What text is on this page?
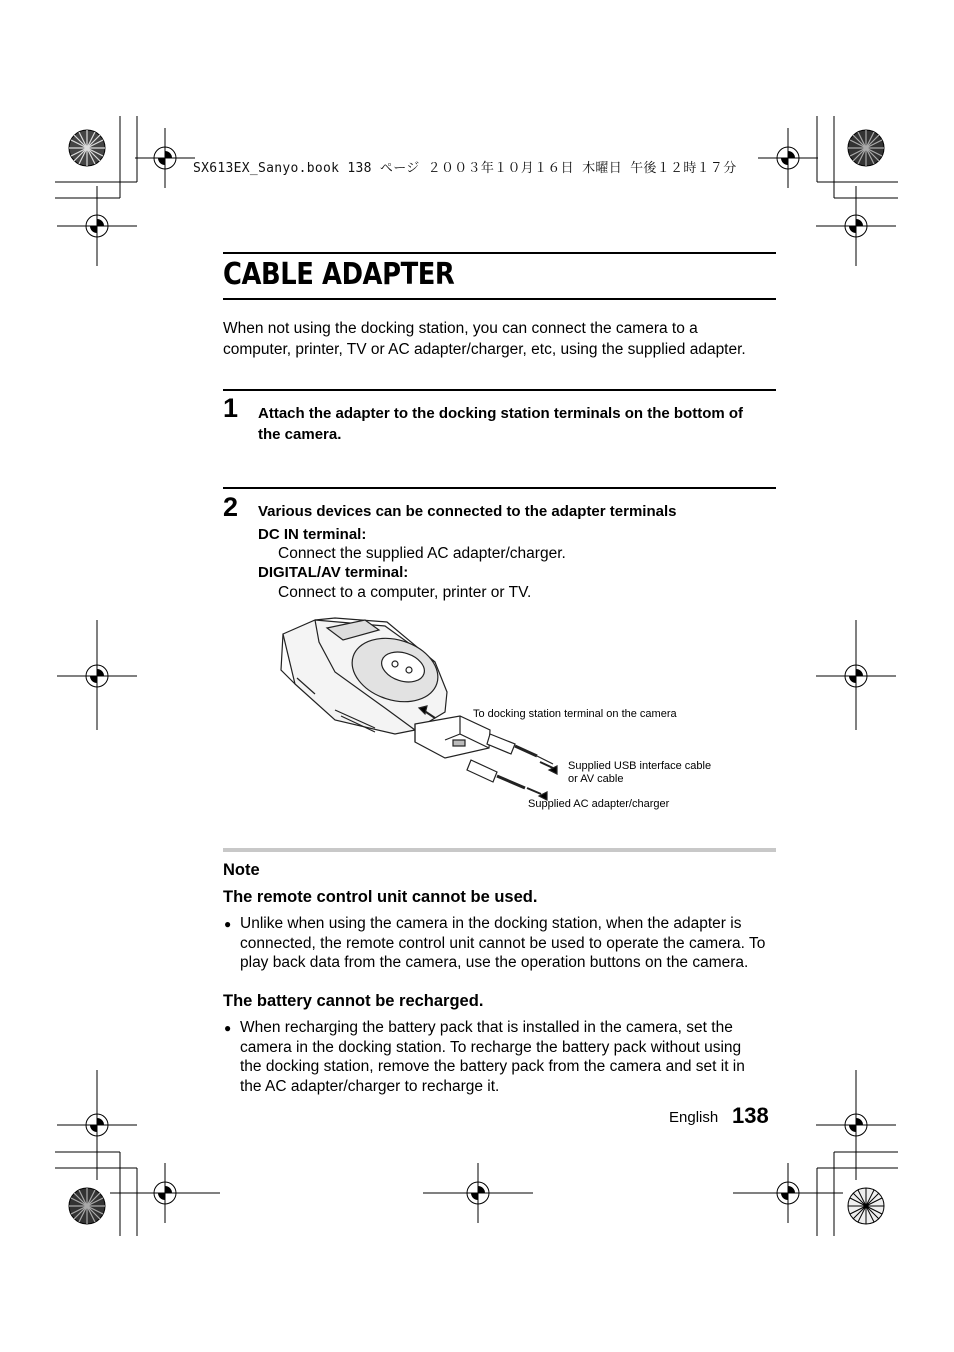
SX613EX_Sanyo.book 138 ページ ２００３年１０月１６日 木曜日 午後１２時１７分
CABLE ADAPTER
When not using the docking station, you can connect the camera to a
computer, printer, TV or AC adapter/charger, etc, using the supplied adapter.
1 Attach the adapter to the docking station terminals on the bottom of
the camera.
2 Various devices can be connected to the adapter terminals
DC IN terminal:
Connect the supplied AC adapter/charger.
DIGITAL/AV terminal:
Connect to a computer, printer or TV.
To docking station terminal on the camera
Supplied USB interface cable
or AV cable
Supplied AC adapter/charger
Note
The remote control unit cannot be used.
● Unlike when using the camera in the docking station, when the adapter is
connected, the remote control unit cannot be used to operate the camera. To
play back data from the camera, use the operation buttons on the camera.
The battery cannot be recharged.
● When recharging the battery pack that is installed in the camera, set the
camera in the docking station. To recharge the battery pack without using
the docking station, remove the battery pack from the camera and set it in
the AC adapter/charger to recharge it.
English 138
